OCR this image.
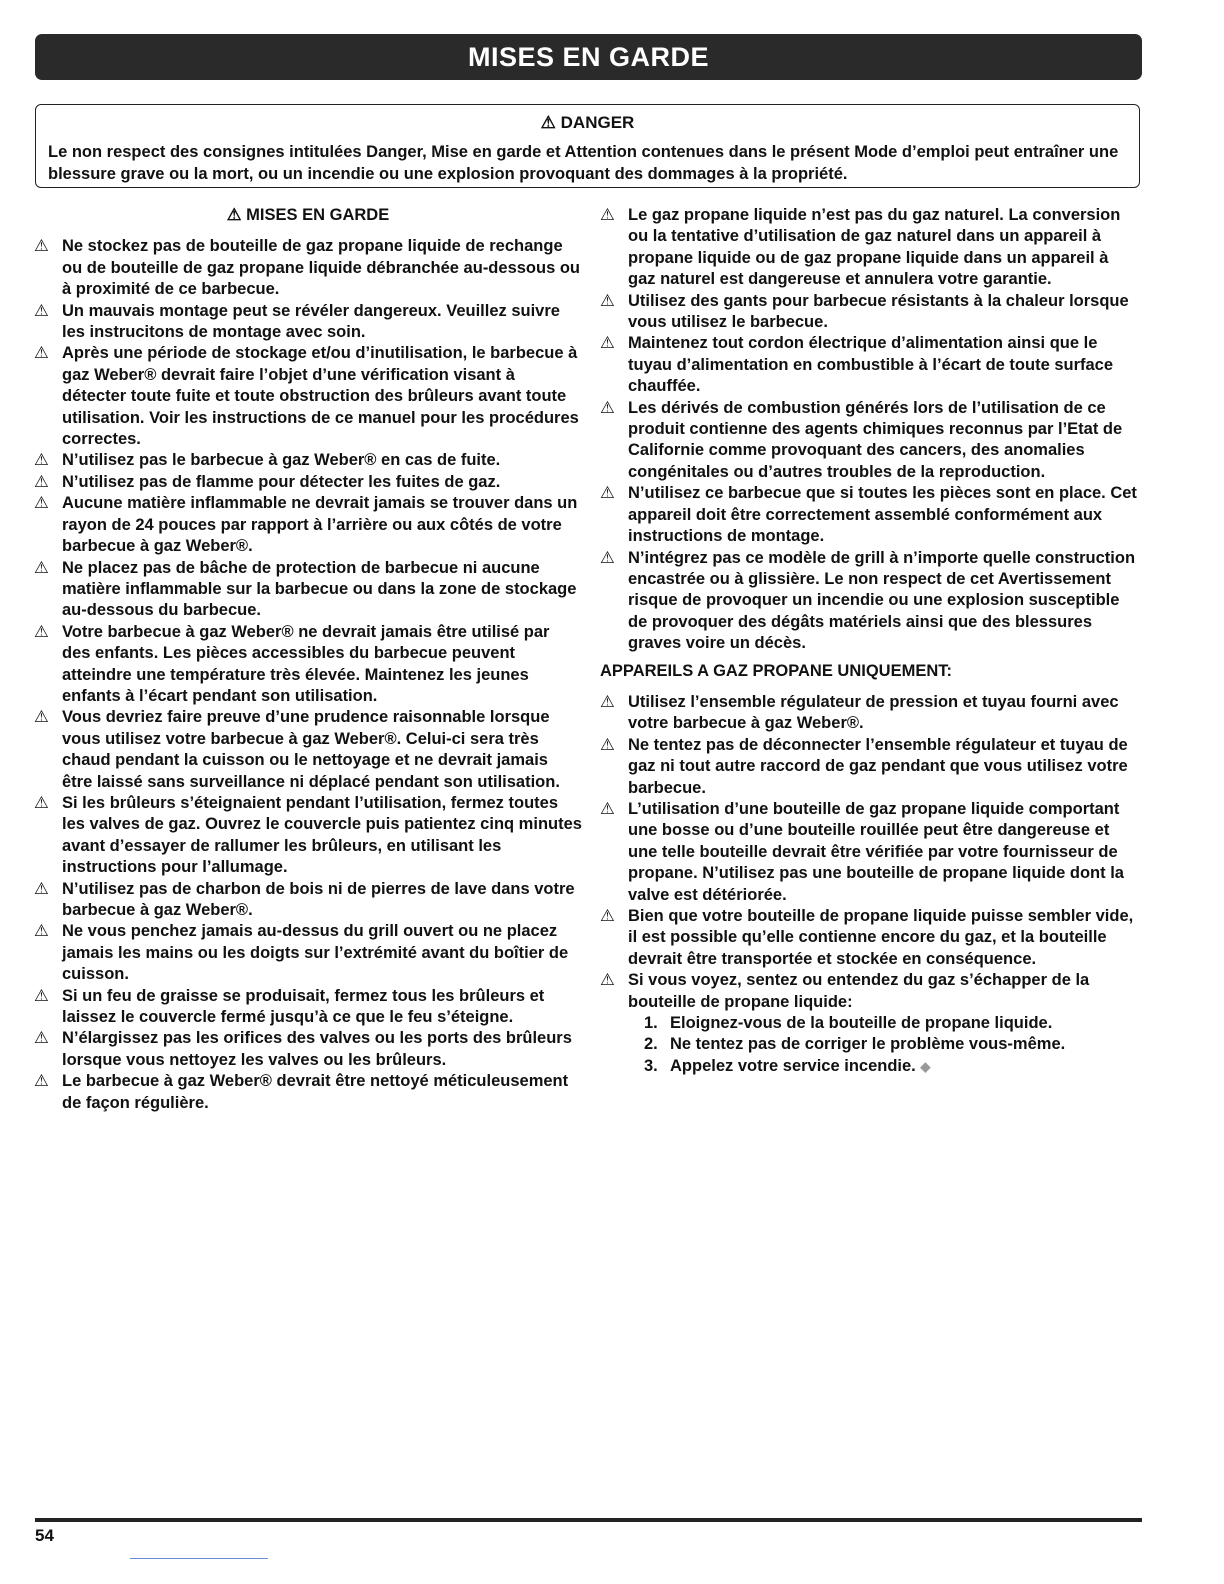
MISES EN GARDE
⚠ DANGER
Le non respect des consignes intitulées Danger, Mise en garde et Attention contenues dans le présent Mode d’emploi peut entraîner une blessure grave ou la mort, ou un incendie ou une explosion provoquant des dommages à la propriété.
⚠ MISES EN GARDE

⚠ Ne stockez pas de bouteille de gaz propane liquide de rechange ou de bouteille de gaz propane liquide débranchée au-dessous ou à proximité de ce barbecue.

⚠ Un mauvais montage peut se révéler dangereux. Veuillez suivre les instrucitons de montage avec soin.

⚠ Après une période de stockage et/ou d’inutilisation, le barbecue à gaz Weber® devrait faire l’objet d’une vérification visant à détecter toute fuite et toute obstruction des brûleurs avant toute utilisation. Voir les instructions de ce manuel pour les procédures correctes.

⚠ N’utilisez pas le barbecue à gaz Weber® en cas de fuite.

⚠ N’utilisez pas de flamme pour détecter les fuites de gaz.

⚠ Aucune matière inflammable ne devrait jamais se trouver dans un rayon de 24 pouces par rapport à l’arrière ou aux côtés de votre barbecue à gaz Weber®.

⚠ Ne placez pas de bâche de protection de barbecue ni aucune matière inflammable sur la barbecue ou dans la zone de stockage au-dessous du barbecue.

⚠ Votre barbecue à gaz Weber® ne devrait jamais être utilisé par des enfants. Les pièces accessibles du barbecue peuvent atteindre une température très élevée. Maintenez les jeunes enfants à l’écart pendant son utilisation.

⚠ Vous devriez faire preuve d’une prudence raisonnable lorsque vous utilisez votre barbecue à gaz Weber®. Celui-ci sera très chaud pendant la cuisson ou le nettoyage et ne devrait jamais être laissé sans surveillance ni déplacé pendant son utilisation.

⚠ Si les brûleurs s’éteignaient pendant l’utilisation, fermez toutes les valves de gaz. Ouvrez le couvercle puis patientez cinq minutes avant d’essayer de rallumer les brûleurs, en utilisant les instructions pour l’allumage.

⚠ N’utilisez pas de charbon de bois ni de pierres de lave dans votre barbecue à gaz Weber®.

⚠ Ne vous penchez jamais au-dessus du grill ouvert ou ne placez jamais les mains ou les doigts sur l’extrémité avant du boîtier de cuisson.

⚠ Si un feu de graisse se produisait, fermez tous les brûleurs et laissez le couvercle fermé jusqu’à ce que le feu s’éteigne.

⚠ N’élargissez pas les orifices des valves ou les ports des brûleurs lorsque vous nettoyez les valves ou les brûleurs.

⚠ Le barbecue à gaz Weber® devrait être nettoyé méticuleusement de façon régulière.

⚠ Le gaz propane liquide n’est pas du gaz naturel. La conversion ou la tentative d’utilisation de gaz naturel dans un appareil à propane liquide ou de gaz propane liquide dans un appareil à gaz naturel est dangereuse et annulera votre garantie.

⚠ Utilisez des gants pour barbecue résistants à la chaleur lorsque vous utilisez le barbecue.

⚠ Maintenez tout cordon électrique d’alimentation ainsi que le tuyau d’alimentation en combustible à l’écart de toute surface chauffée.

⚠ Les dérivés de combustion générés lors de l’utilisation de ce produit contienne des agents chimiques reconnus par l’Etat de Californie comme provoquant des cancers, des anomalies congénitales ou d’autres troubles de la reproduction.

⚠ N’utilisez ce barbecue que si toutes les pièces sont en place. Cet appareil doit être correctement assemblé conformément aux instructions de montage.

⚠ N’intégrez pas ce modèle de grill à n’importe quelle construction encastrée ou à glissière. Le non respect de cet Avertissement risque de provoquer un incendie ou une explosion susceptible de provoquer des dégâts matériels ainsi que des blessures graves voire un décès.

APPAREILS A GAZ PROPANE UNIQUEMENT:

⚠ Utilisez l’ensemble régulateur de pression et tuyau fourni avec votre barbecue à gaz Weber®.

⚠ Ne tentez pas de déconnecter l’ensemble régulateur et tuyau de gaz ni tout autre raccord de gaz pendant que vous utilisez votre barbecue.

⚠ L’utilisation d’une bouteille de gaz propane liquide comportant une bosse ou d’une bouteille rouillée peut être dangereuse et une telle bouteille devrait être vérifiée par votre fournisseur de propane. N’utilisez pas une bouteille de propane liquide dont la valve est détériorée.

⚠ Bien que votre bouteille de propane liquide puisse sembler vide, il est possible qu’elle contienne encore du gaz, et la bouteille devrait être transportée et stockée en conséquence.

⚠ Si vous voyez, sentez ou entendez du gaz s’échapper de la bouteille de propane liquide:

1. Eloignez-vous de la bouteille de propane liquide.
2. Ne tentez pas de corriger le problème vous-même.
3. Appelez votre service incendie. ◆
54
